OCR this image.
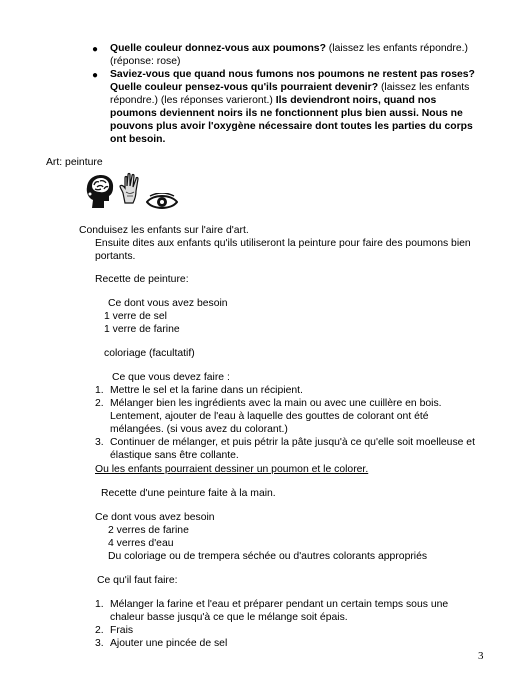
● Quelle couleur donnez-vous aux poumons? (laissez les enfants répondre.)
(réponse: rose)
● Saviez-vous que quand nous fumons nos poumons ne restent pas roses?
Quelle couleur pensez-vous qu'ils pourraient devenir? (laissez les enfants
répondre.) (les réponses varieront.) Ils deviendront noirs, quand nos
poumons deviennent noirs ils ne fonctionnent plus bien aussi. Nous ne
pouvons plus avoir l'oxygène nécessaire dont toutes les parties du corps
ont besoin.
Art: peinture
Conduisez les enfants sur l'aire d'art.
Ensuite dites aux enfants qu'ils utiliseront la peinture pour faire des poumons bien
portants.
Recette de peinture:
Ce dont vous avez besoin
1 verre de sel
1 verre de farine
coloriage (facultatif)
Ce que vous devez faire :
1. Mettre le sel et la farine dans un récipient.
2. Mélanger bien les ingrédients avec la main ou avec une cuillère en bois.
Lentement, ajouter de l'eau à laquelle des gouttes de colorant ont été
mélangées. (si vous avez du colorant.)
3. Continuer de mélanger, et puis pétrir la pâte jusqu'à ce qu'elle soit moelleuse et
élastique sans être collante.
Ou les enfants pourraient dessiner un poumon et le colorer.
Recette d'une peinture faite à la main.
Ce dont vous avez besoin
2 verres de farine
4 verres d'eau
Du coloriage ou de trempera séchée ou d'autres colorants appropriés
Ce qu'il faut faire:
1. Mélanger la farine et l'eau et préparer pendant un certain temps sous une
chaleur basse jusqu'à ce que le mélange soit épais.
2. Frais
3. Ajouter une pincée de sel
3
